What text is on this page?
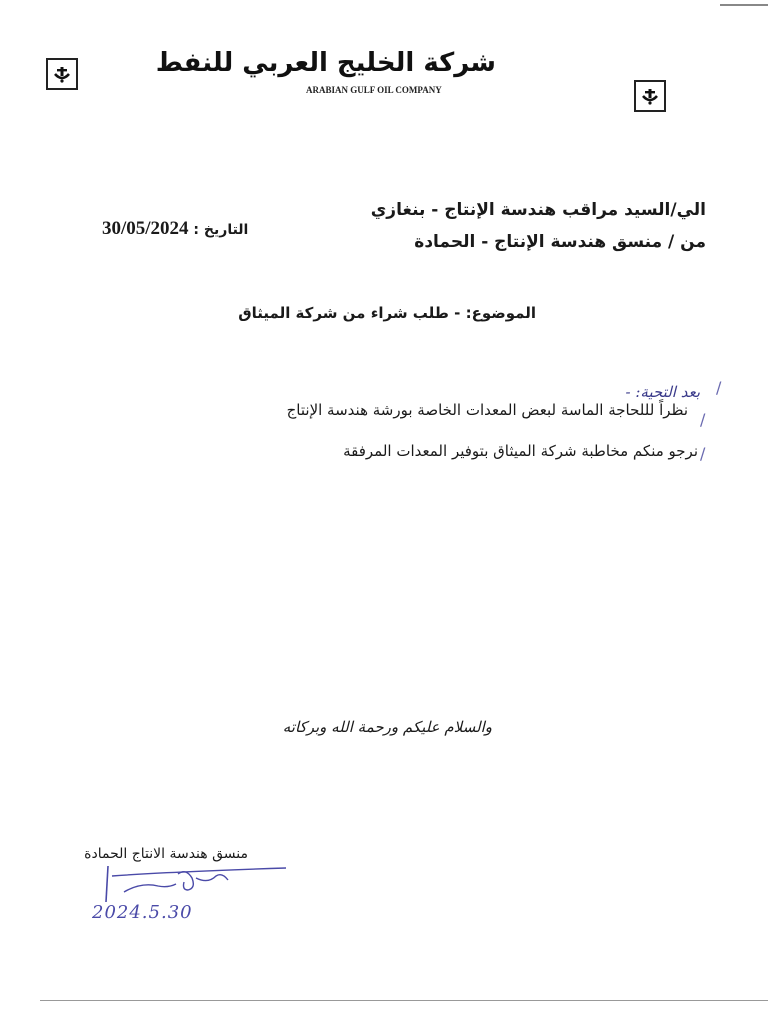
شركة الخليج العربي للنفط
ARABIAN GULF OIL COMPANY
الي/السيد مراقب هندسة الإنتاج - بنغازي
من / منسق هندسة الإنتاج - الحمادة
التاريخ : 30/05/2024
الموضوع: - طلب شراء من شركة الميثاق
بعد التحية: - /
نظراً لللحاجة الماسة لبعض المعدات الخاصة بورشة هندسة الإنتاج /
نرجو منكم مخاطبة شركة الميثاق بتوفير المعدات المرفقة /
والسلام عليكم ورحمة الله وبركاته
منسق هندسة الانتاج الحمادة
2024.5.30
